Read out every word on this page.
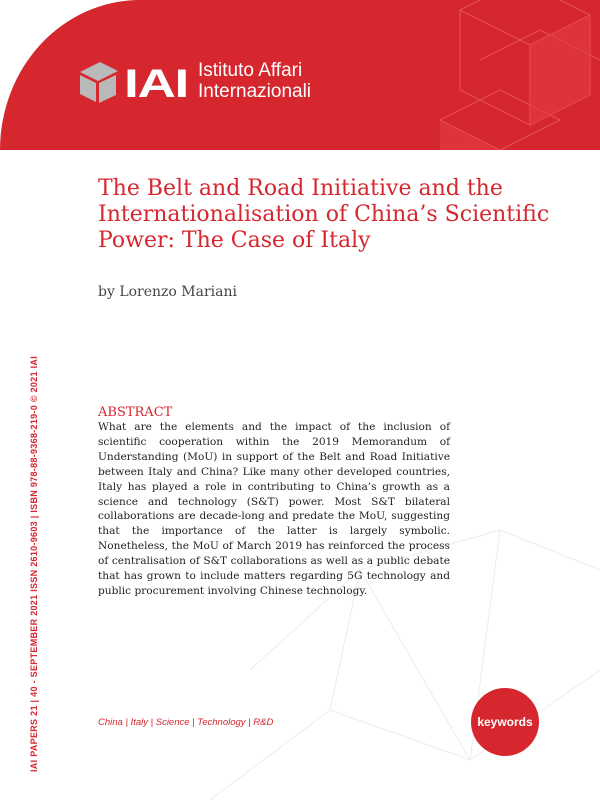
IAI Istituto Affari
Internazionali
IAI PAPERS 21 | 40 - SEPTEMBER 2021 ISSN 2610-9603 | ISBN 978-88-9368-219-0 © 2021 IAI
The Belt and Road Initiative and the Internationalisation of China’s Scientific Power: The Case of Italy
by Lorenzo Mariani
ABSTRACT

What are the elements and the impact of the inclusion of scientific cooperation within the 2019 Memorandum of Understanding (MoU) in support of the Belt and Road Initiative between Italy and China? Like many other developed countries, Italy has played a role in contributing to China’s growth as a science and technology (S&T) power. Most S&T bilateral collaborations are decade-long and predate the MoU, suggesting that the importance of the latter is largely symbolic. Nonetheless, the MoU of March 2019 has reinforced the process of centralisation of S&T collaborations as well as a public debate that has grown to include matters regarding 5G technology and public procurement involving Chinese technology.

China | Italy | Science | Technology | R&D	keywords
